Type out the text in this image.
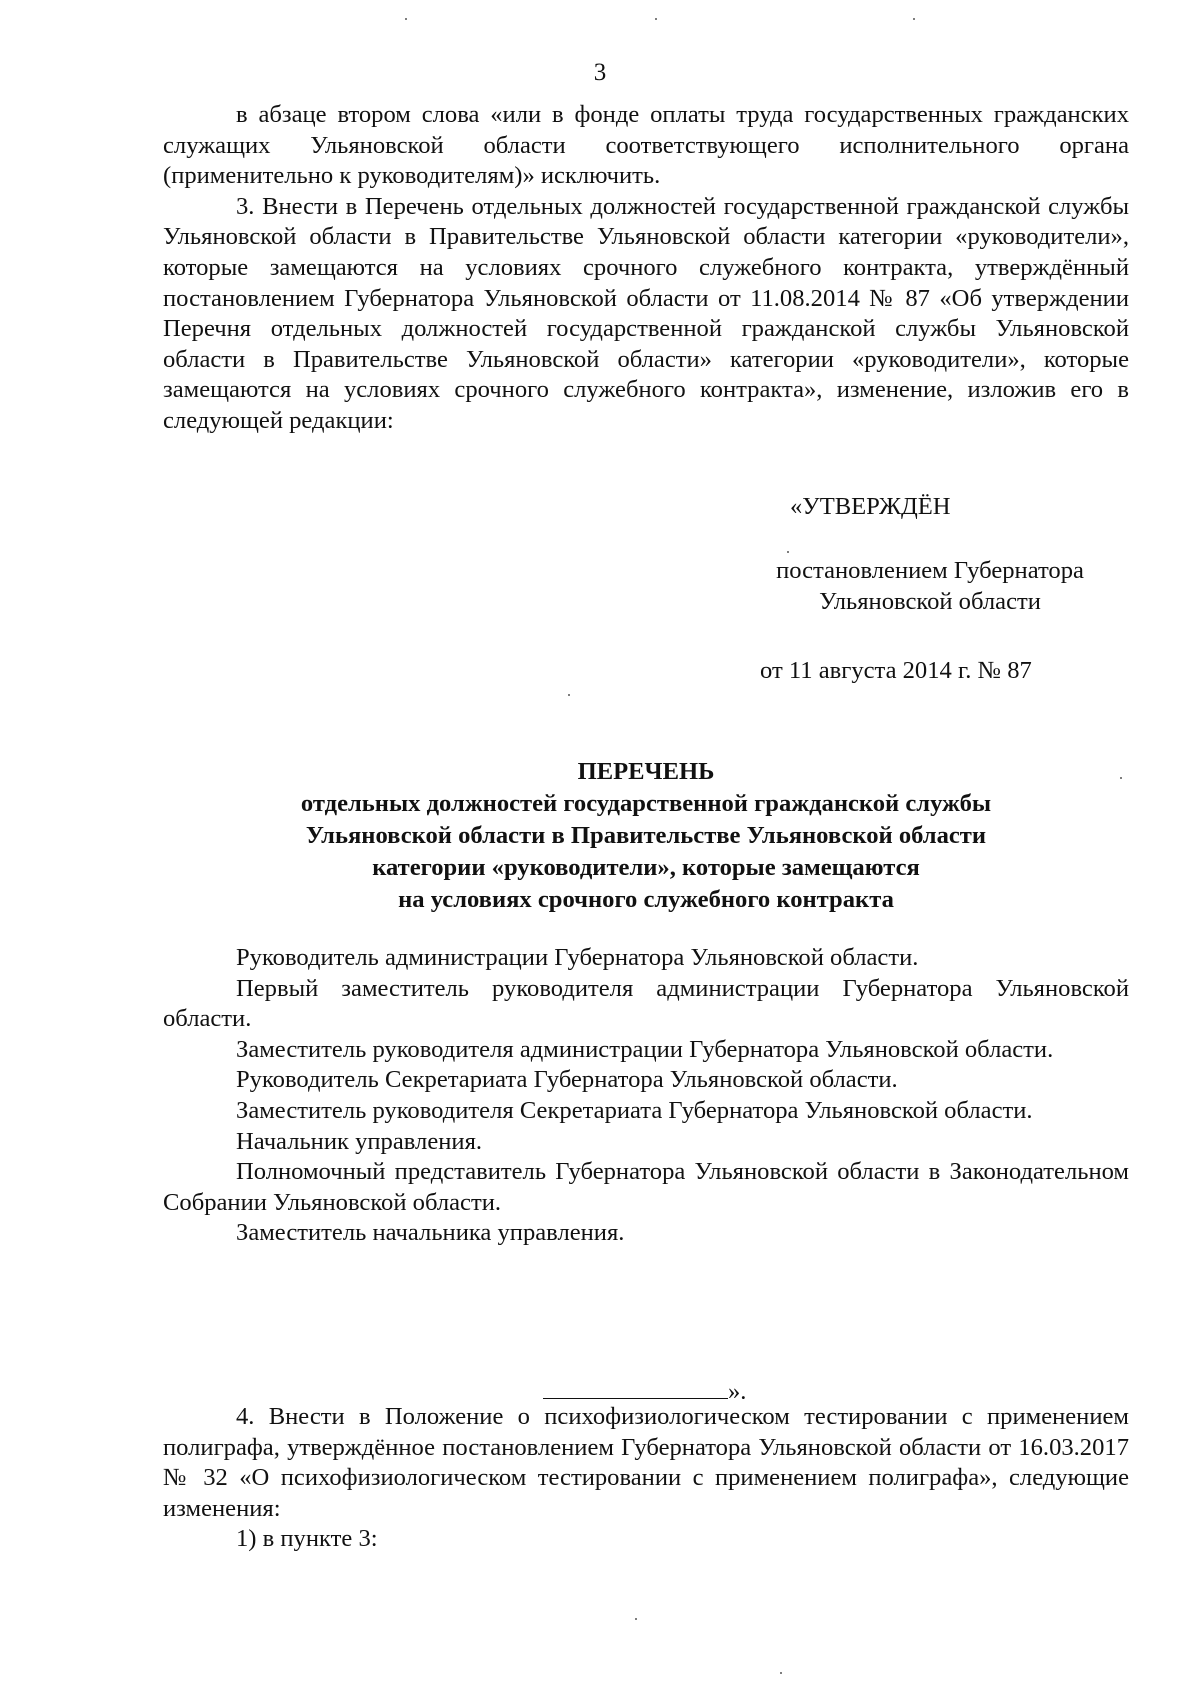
3

в абзаце втором слова «или в фонде оплаты труда государственных гражданских служащих Ульяновской области соответствующего исполнительного органа (применительно к руководителям)» исключить.

3. Внести в Перечень отдельных должностей государственной гражданской службы Ульяновской области в Правительстве Ульяновской области категории «руководители», которые замещаются на условиях срочного служебного контракта, утверждённый постановлением Губернатора Ульяновской области от 11.08.2014 № 87 «Об утверждении Перечня отдельных должностей государственной гражданской службы Ульяновской области в Правительстве Ульяновской области» категории «руководители», которые замещаются на условиях срочного служебного контракта», изменение, изложив его в следующей редакции:

«УТВЕРЖДЁН
постановлением Губернатора
Ульяновской области
от 11 августа 2014 г. № 87
ПЕРЕЧЕНЬ
отдельных должностей государственной гражданской службы
Ульяновской области в Правительстве Ульяновской области
категории «руководители», которые замещаются
на условиях срочного служебного контракта

Руководитель администрации Губернатора Ульяновской области.

Первый заместитель руководителя администрации Губернатора Ульяновской области.

Заместитель руководителя администрации Губернатора Ульяновской области.

Руководитель Секретариата Губернатора Ульяновской области.

Заместитель руководителя Секретариата Губернатора Ульяновской области.

Начальник управления.

Полномочный представитель Губернатора Ульяновской области в Законодательном Собрании Ульяновской области.

Заместитель начальника управления.

».

4. Внести в Положение о психофизиологическом тестировании с применением полиграфа, утверждённое постановлением Губернатора Ульяновской области от 16.03.2017 № 32 «О психофизиологическом тестировании с применением полиграфа», следующие изменения:

1) в пункте 3:
